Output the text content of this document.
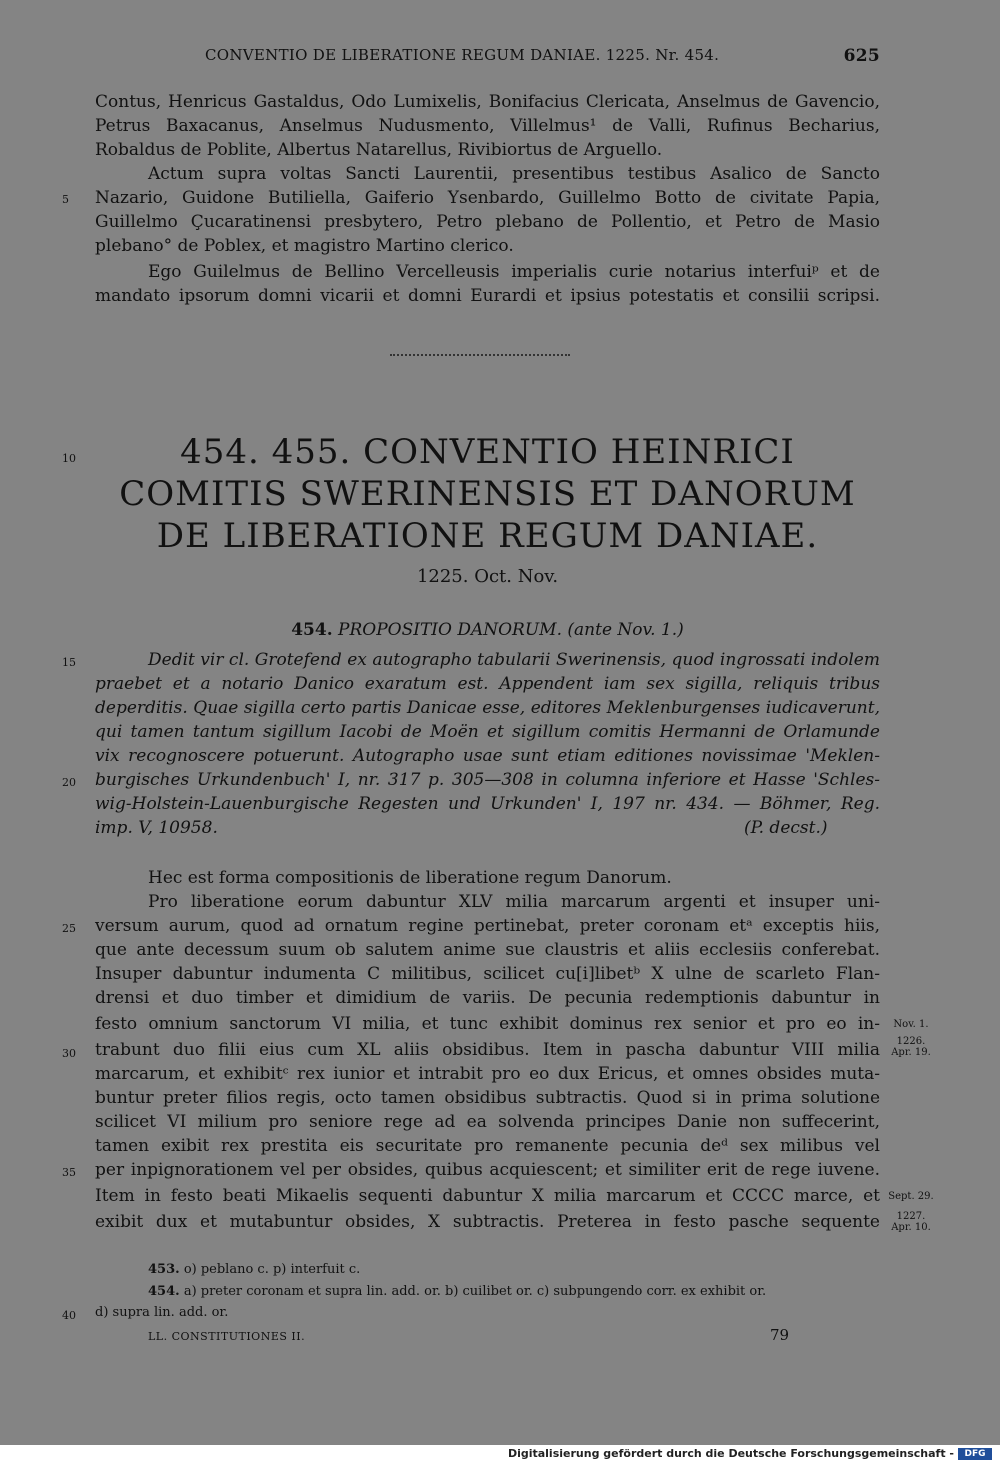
CONVENTIO DE LIBERATIONE REGUM DANIAE. 1225. Nr. 454.	625
Contus, Henricus Gastaldus, Odo Lumixelis, Bonifacius Clericata, Anselmus de Gavencio,
Petrus Baxacanus, Anselmus Nudusmento, Villelmus¹ de Valli, Rufinus Becharius,
Robaldus de Poblite, Albertus Natarellus, Rivibiortus de Arguello.
Actum supra voltas Sancti Laurentii, presentibus testibus Asalico de Sancto
5 Nazario, Guidone Butiliella, Gaiferio Ysenbardo, Guillelmo Botto de civitate Papia,
Guillelmo Çucaratinensi presbytero, Petro plebano de Pollentio, et Petro de Masio
plebano° de Poblex, et magistro Martino clerico.
Ego Guilelmus de Bellino Vercelleusis imperialis curie notarius interfuiᵖ et de
mandato ipsorum domni vicarii et domni Eurardi et ipsius potestatis et consilii scripsi.
10	454. 455. CONVENTIO HEINRICI
COMITIS SWERINENSIS ET DANORUM
DE LIBERATIONE REGUM DANIAE.
1225. Oct. Nov.
454. PROPOSITIO DANORUM. (ante Nov. 1.)
15	Dedit vir cl. Grotefend ex autographo tabularii Swerinensis, quod ingrossati indolem
praebet et a notario Danico exaratum est. Appendent iam sex sigilla, reliquis tribus
deperditis. Quae sigilla certo partis Danicae esse, editores Meklenburgenses iudicaverunt,
qui tamen tantum sigillum Iacobi de Moën et sigillum comitis Hermanni de Orlamunde
vix recognoscere potuerunt. Autographo usae sunt etiam editiones novissimae 'Meklen-
20 burgisches Urkundenbuch' I, nr. 317 p. 305—308 in columna inferiore et Hasse 'Schles-
wig-Holstein-Lauenburgische Regesten und Urkunden' I, 197 nr. 434. — Böhmer, Reg.
imp. V, 10958.	(P. decst.)
Hec est forma compositionis de liberatione regum Danorum.
Pro liberatione eorum dabuntur XLV milia marcarum argenti et insuper uni-
25 versum aurum, quod ad ornatum regine pertinebat, preter coronam etᵃ exceptis hiis,
que ante decessum suum ob salutem anime sue claustris et aliis ecclesiis conferebat.
Insuper dabuntur indumenta C militibus, scilicet cu[i]libetᵇ X ulne de scarleto Flan-
drensi et duo timber et dimidium de variis. De pecunia redemptionis dabuntur in
festo omnium sanctorum VI milia, et tunc exhibit dominus rex senior et pro eo in-	Nov. 1.
30 trabunt duo filii eius cum XL aliis obsidibus. Item in pascha dabuntur VIII milia	1226.
Apr. 19.
marcarum, et exhibitᶜ rex iunior et intrabit pro eo dux Ericus, et omnes obsides muta-
buntur preter filios regis, octo tamen obsidibus subtractis. Quod si in prima solutione
scilicet VI milium pro seniore rege ad ea solvenda principes Danie non suffecerint,
tamen exibit rex prestita eis securitate pro remanente pecunia deᵈ sex milibus vel
35 per inpignorationem vel per obsides, quibus acquiescent; et similiter erit de rege iuvene.
Item in festo beati Mikaelis sequenti dabuntur X milia marcarum et CCCC marce, et Sept. 29.
exibit dux et mutabuntur obsides, X subtractis. Preterea in festo pasche sequente	1227.
Apr. 10.
453. o) peblano c. p) interfuit c.
454. a) preter coronam et supra lin. add. or. b) cuilibet or. c) subpungendo corr. ex exhibit or.
40 d) supra lin. add. or.
LL. CONSTITUTIONES II.	79
Digitalisierung gefördert durch die Deutsche Forschungsgemeinschaft -	DFG
